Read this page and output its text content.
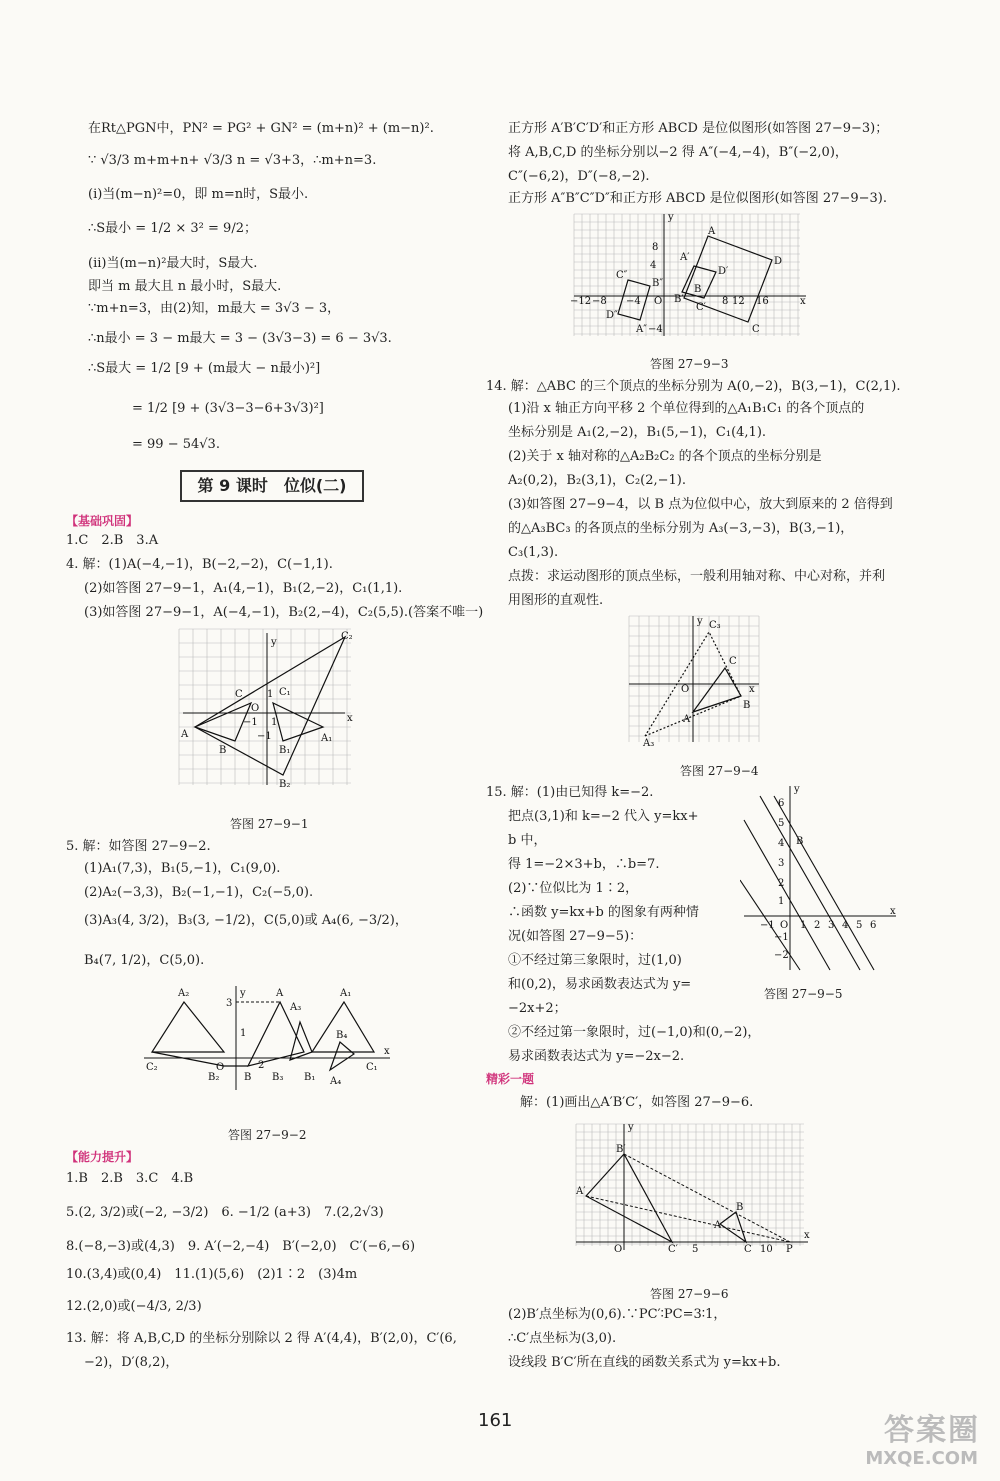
在Rt△PGN中，PN² = PG² + GN² = (m+n)² + (m−n)².
∵ √3/3 m+m+n+ √3/3 n = √3+3，∴m+n=3.
(ⅰ)当(m−n)²=0，即 m=n时，S最小.
∴S最小 = 1/2 × 3² = 9/2；
(ⅱ)当(m−n)²最大时，S最大.
即当 m 最大且 n 最小时，S最大.
∵m+n=3，由(2)知，m最大 = 3√3 − 3，
∴n最小 = 3 − m最大 = 3 − (3√3−3) = 6 − 3√3.
∴S最大 = 1/2 [9 + (m最大 − n最小)²]
= 1/2 [9 + (3√3−3−6+3√3)²]
= 99 − 54√3.
第 9 课时　位似(二)
【基础巩固】
1.C　2.B　3.A
4. 解：(1)A(−4,−1)，B(−2,−2)，C(−1,1).
(2)如答图 27−9−1，A₁(4,−1)，B₁(2,−2)，C₁(1,1).
(3)如答图 27−9−1，A(−4,−1)，B₂(2,−4)，C₂(5,5).(答案不唯一)
A
B
C
O
1
y
C₁
B₁
A₁
B₂
C₂
x
−1 1
−1
答图 27−9−1
5. 解：如答图 27−9−2.
(1)A₁(7,3)，B₁(5,−1)，C₁(9,0).
(2)A₂(−3,3)，B₂(−1,−1)，C₂(−5,0).
(3)A₃(4, 3/2)，B₃(3, −1/2)，C(5,0)或 A₄(6, −3/2)，
B₄(7, 1/2)，C(5,0).
A₂	A	A₁
3
y
C₂	O
B₂ B
A₃
B₃ B₁
B₄
A₄
C₁
x
1
2
答图 27−9−2
【能力提升】
1.B　2.B　3.C　4.B
5.(2, 3/2)或(−2, −3/2)　6. −1/2 (a+3)　7.(2,2√3)
8.(−8,−3)或(4,3)　9. A′(−2,−4)　B′(−2,0)　C′(−6,−6)
10.(3,4)或(0,4)　11.(1)(5,6)　(2)1∶2　(3)4m
12.(2,0)或(−4/3, 2/3)
13. 解：将 A,B,C,D 的坐标分别除以 2 得 A′(4,4)，B′(2,0)，C′(6,
−2)，D′(8,2)，
正方形 A′B′C′D′和正方形 ABCD 是位似图形(如答图 27−9−3)；
将 A,B,C,D 的坐标分别以−2 得 A″(−4,−4)，B″(−2,0)，
C″(−6,2)，D″(−8,−2).
正方形 A″B″C″D″和正方形 ABCD 是位似图形(如答图 27−9−3).
A
D
C
A′
D′
C′
B
B′
C″
B″
D″
A″
O
y
x
−12 −8 −4
8
4
8 12 16
−4
答图 27−9−3
14. 解：△ABC 的三个顶点的坐标分别为 A(0,−2)，B(3,−1)，C(2,1).
(1)沿 x 轴正方向平移 2 个单位得到的△A₁B₁C₁ 的各个顶点的
坐标分别是 A₁(2,−2)，B₁(5,−1)，C₁(4,1).
(2)关于 x 轴对称的△A₂B₂C₂ 的各个顶点的坐标分别是
A₂(0,2)，B₂(3,1)，C₂(2,−1).
(3)如答图 27−9−4，以 B 点为位似中心，放大到原来的 2 倍得到
的△A₃BC₃ 的各顶点的坐标分别为 A₃(−3,−3)，B(3,−1)，
C₃(1,3).
点拨：求运动图形的顶点坐标，一般利用轴对称、中心对称，并利
用图形的直观性.
C₃
C
B
O
A
y
x
A₃
答图 27−9−4
15. 解：(1)由已知得 k=−2.
把点(3,1)和 k=−2 代入 y=kx+
b 中，
得 1=−2×3+b，∴b=7.
(2)∵位似比为 1∶2，
∴函数 y=kx+b 的图象有两种情
况(如答图 27−9−5)：
①不经过第三象限时，过(1,0)
和(0,2)，易求函数表达式为 y=
−2x+2；
②不经过第一象限时，过(−1,0)和(0,−2)，
易求函数表达式为 y=−2x−2.
y
x
B
6
5
4
3
2
1
−1 O 1 2 3 4 5 6
−1
−2
答图 27−9−5
精彩一题
解：(1)画出△A′B′C′，如答图 27−9−6.
A′
B′
y
O	C′ 5	C 10 P
A
B
x
答图 27−9−6
(2)B′点坐标为(0,6).∵PC′∶PC=3∶1，
∴C′点坐标为(3,0).
设线段 B′C′所在直线的函数关系式为 y=kx+b.
161	答案圈
MXQE.COM
